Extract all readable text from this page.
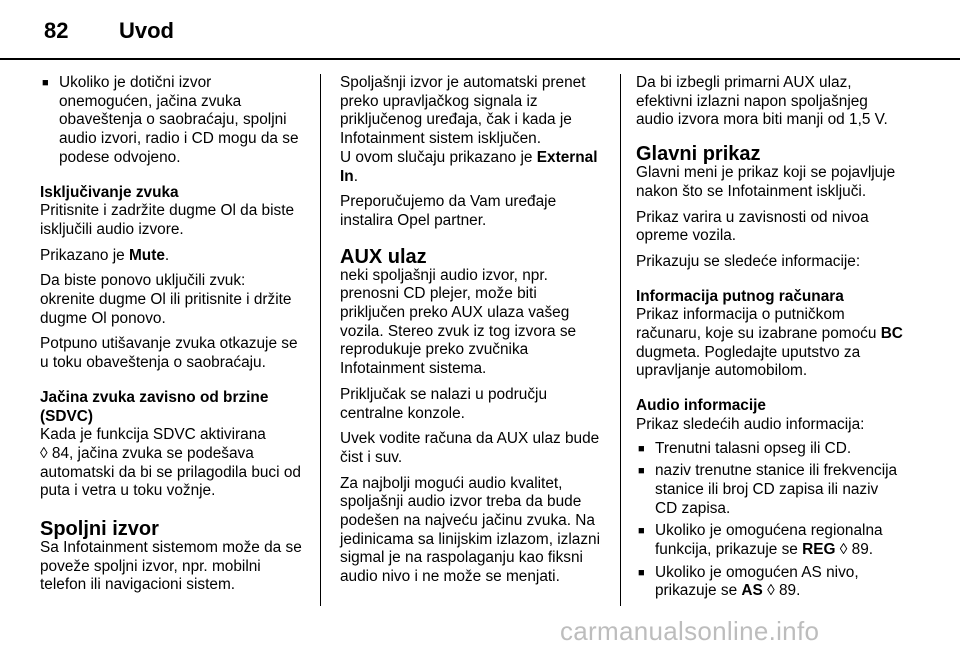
82 Uvod
■ Ukoliko je dotični izvor onemogućen, jačina zvuka obaveštenja o saobraćaju, spoljni audio izvori, radio i CD mogu da se podese odvojeno.
Isključivanje zvuka

Pritisnite i zadržite dugme Ol da biste isključili audio izvore.

Prikazano je Mute.

Da biste ponovo uključili zvuk:
okrenite dugme Ol ili pritisnite i držite dugme Ol ponovo.

Potpuno utišavanje zvuka otkazuje se u toku obaveštenja o saobraćaju.

Jačina zvuka zavisno od brzine (SDVC)

Kada je funkcija SDVC aktivirana
◊ 84, jačina zvuka se podešava automatski da bi se prilagodila buci od puta i vetra u toku vožnje.

Spoljni izvor

Sa Infotainment sistemom može da se poveže spoljni izvor, npr. mobilni telefon ili navigacioni sistem.

Spoljašnji izvor je automatski prenet preko upravljačkog signala iz priključenog uređaja, čak i kada je Infotainment sistem isključen.
U ovom slučaju prikazano je External In.

Preporučujemo da Vam uređaje instalira Opel partner.

AUX ulaz

neki spoljašnji audio izvor, npr. prenosni CD plejer, može biti priključen preko AUX ulaza vašeg vozila. Stereo zvuk iz tog izvora se reprodukuje preko zvučnika Infotainment sistema.

Priključak se nalazi u području centralne konzole.

Uvek vodite računa da AUX ulaz bude čist i suv.

Za najbolji mogući audio kvalitet, spoljašnji audio izvor treba da bude podešen na najveću jačinu zvuka. Na jedinicama sa linijskim izlazom, izlazni sigmal je na raspolaganju kao fiksni audio nivo i ne može se menjati.

Da bi izbegli primarni AUX ulaz, efektivni izlazni napon spoljašnjeg audio izvora mora biti manji od 1,5 V.

Glavni prikaz

Glavni meni je prikaz koji se pojavljuje nakon što se Infotainment isključi.

Prikaz varira u zavisnosti od nivoa opreme vozila.

Prikazuju se sledeće informacije:

Informacija putnog računara

Prikaz informacija o putničkom računaru, koje su izabrane pomoću BC dugmeta. Pogledajte uputstvo za upravljanje automobilom.

Audio informacije

Prikaz sledećih audio informacija:

■ Trenutni talasni opseg ili CD.
■ naziv trenutne stanice ili frekvencija stanice ili broj CD zapisa ili naziv CD zapisa.
■ Ukoliko je omogućena regionalna funkcija, prikazuje se REG ◊ 89.
■ Ukoliko je omogućen AS nivo, prikazuje se AS ◊ 89.
carmanualsonline.info
